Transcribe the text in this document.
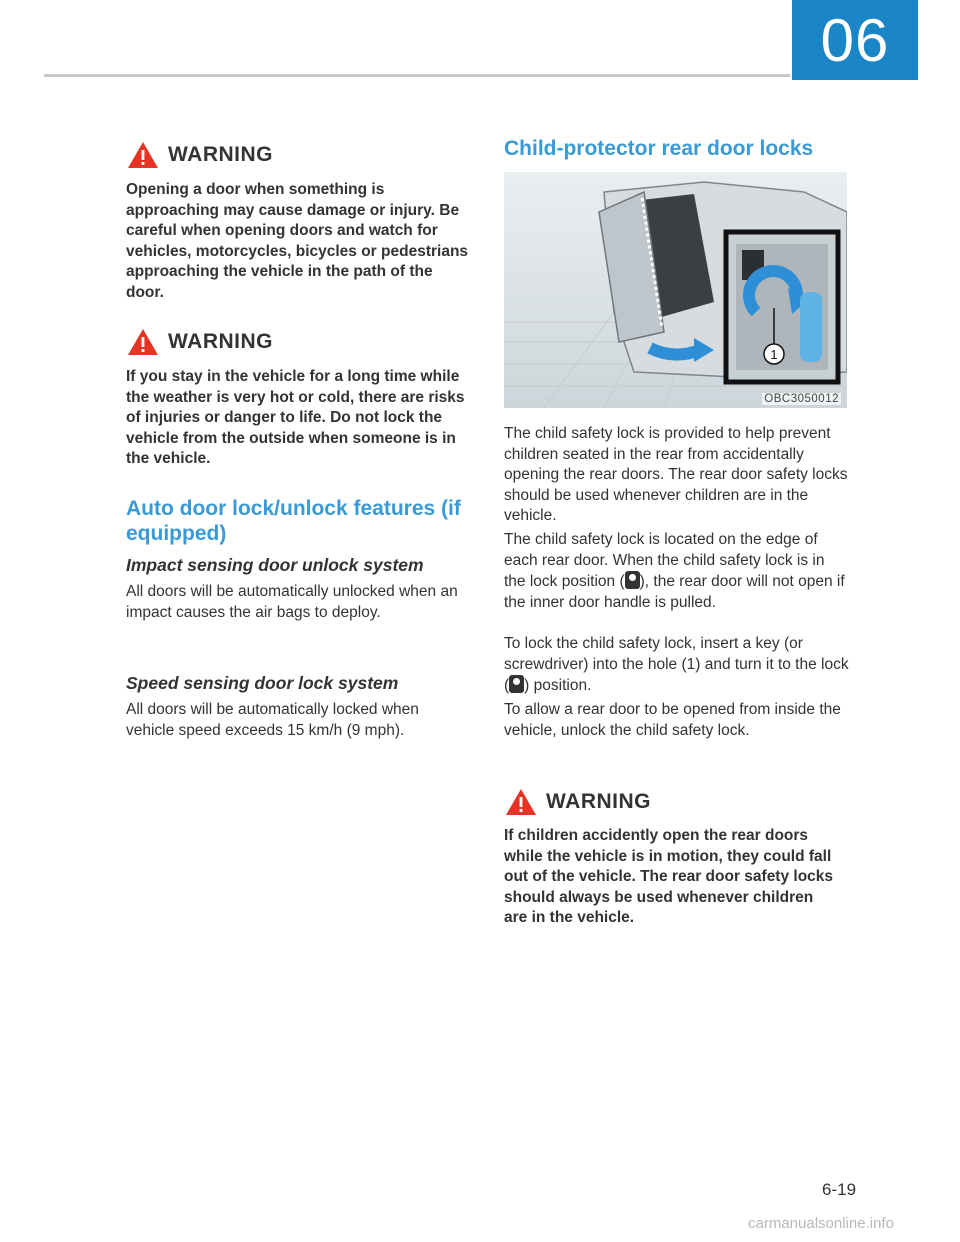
06
WARNING
Opening a door when something is approaching may cause damage or injury. Be careful when opening doors and watch for vehicles, motorcycles, bicycles or pedestrians approaching the vehicle in the path of the door.
WARNING
If you stay in the vehicle for a long time while the weather is very hot or cold, there are risks of injuries or danger to life. Do not lock the vehicle from the outside when someone is in the vehicle.
Auto door lock/unlock features (if equipped)
Impact sensing door unlock system
All doors will be automatically unlocked when an impact causes the air bags to deploy.
Speed sensing door lock system
All doors will be automatically locked when vehicle speed exceeds 15 km/h (9 mph).
Child-protector rear door locks
1
OBC3050012
The child safety lock is provided to help prevent children seated in the rear from accidentally opening the rear doors. The rear door safety locks should be used whenever children are in the vehicle.
The child safety lock is located on the edge of each rear door. When the child safety lock is in the lock position ( ), the rear door will not open if the inner door handle is pulled.
To lock the child safety lock, insert a key (or screwdriver) into the hole (1) and turn it to the lock ( ) position.
To allow a rear door to be opened from inside the vehicle, unlock the child safety lock.
WARNING
If children accidently open the rear doors while the vehicle is in motion, they could fall out of the vehicle. The rear door safety locks should always be used whenever children are in the vehicle.
6-19
carmanualsonline.info
